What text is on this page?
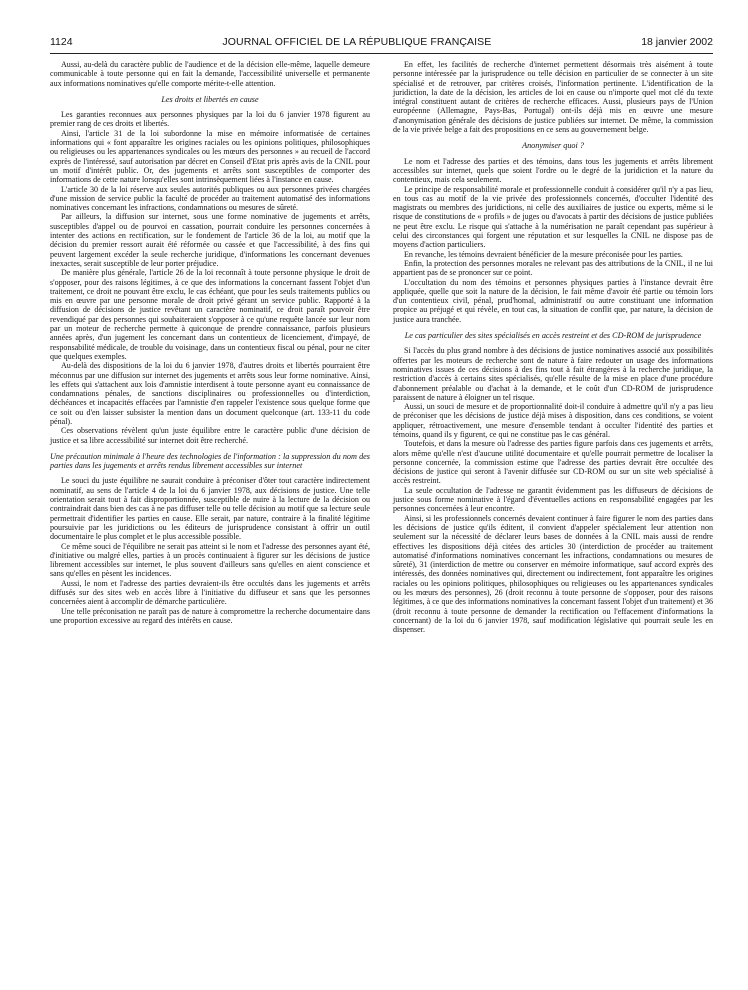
1124	JOURNAL OFFICIEL DE LA RÉPUBLIQUE FRANÇAISE	18 janvier 2002

Aussi, au-delà du caractère public de l'audience et de la décision elle-même, laquelle demeure communicable à toute personne qui en fait la demande, l'accessibilité universelle et permanente aux informations nominatives qu'elle comporte mérite-t-elle attention.

Les droits et libertés en cause

Les garanties reconnues aux personnes physiques par la loi du 6 janvier 1978 figurent au premier rang de ces droits et libertés.

Ainsi, l'article 31 de la loi subordonne la mise en mémoire informatisée de certaines informations qui « font apparaître les origines raciales ou les opinions politiques, philosophiques ou religieuses ou les appartenances syndicales ou les mœurs des personnes » au recueil de l'accord exprès de l'intéressé, sauf autorisation par décret en Conseil d'Etat pris après avis de la CNIL pour un motif d'intérêt public. Or, des jugements et arrêts sont susceptibles de comporter des informations de cette nature lorsqu'elles sont intrinsèquement liées à l'instance en cause.

L'article 30 de la loi réserve aux seules autorités publiques ou aux personnes privées chargées d'une mission de service public la faculté de procéder au traitement automatisé des informations nominatives concernant les infractions, condamnations ou mesures de sûreté.

Par ailleurs, la diffusion sur internet, sous une forme nominative de jugements et arrêts, susceptibles d'appel ou de pourvoi en cassation, pourrait conduire les personnes concernées à intenter des actions en rectification, sur le fondement de l'article 36 de la loi, au motif que la décision du premier ressort aurait été réformée ou cassée et que l'accessibilité, à des fins qui peuvent largement excéder la seule recherche juridique, d'informations les concernant devenues inexactes, serait susceptible de leur porter préjudice.

De manière plus générale, l'article 26 de la loi reconnaît à toute personne physique le droit de s'opposer, pour des raisons légitimes, à ce que des informations la concernant fassent l'objet d'un traitement, ce droit ne pouvant être exclu, le cas échéant, que pour les seuls traitements publics ou mis en œuvre par une personne morale de droit privé gérant un service public. Rapporté à la diffusion de décisions de justice revêtant un caractère nominatif, ce droit paraît pouvoir être revendiqué par des personnes qui souhaiteraient s'opposer à ce qu'une requête lancée sur leur nom par un moteur de recherche permette à quiconque de prendre connaissance, parfois plusieurs années après, d'un jugement les concernant dans un contentieux de licenciement, d'impayé, de responsabilité médicale, de trouble du voisinage, dans un contentieux fiscal ou pénal, pour ne citer que quelques exemples.

Au-delà des dispositions de la loi du 6 janvier 1978, d'autres droits et libertés pourraient être méconnus par une diffusion sur internet des jugements et arrêts sous leur forme nominative. Ainsi, les effets qui s'attachent aux lois d'amnistie interdisent à toute personne ayant eu connaissance de condamnations pénales, de sanctions disciplinaires ou professionnelles ou d'interdiction, déchéances et incapacités effacées par l'amnistie d'en rappeler l'existence sous quelque forme que ce soit ou d'en laisser subsister la mention dans un document quelconque (art. 133-11 du code pénal).

Ces observations révèlent qu'un juste équilibre entre le caractère public d'une décision de justice et sa libre accessibilité sur internet doit être recherché.

Une précaution minimale à l'heure des technologies de l'information : la suppression du nom des parties dans les jugements et arrêts rendus librement accessibles sur internet

Le souci du juste équilibre ne saurait conduire à préconiser d'ôter tout caractère indirectement nominatif, au sens de l'article 4 de la loi du 6 janvier 1978, aux décisions de justice. Une telle orientation serait tout à fait disproportionnée, susceptible de nuire à la lecture de la décision ou contraindrait dans bien des cas à ne pas diffuser telle ou telle décision au motif que sa lecture seule permettrait d'identifier les parties en cause. Elle serait, par nature, contraire à la finalité légitime poursuivie par les juridictions ou les éditeurs de jurisprudence consistant à offrir un outil documentaire le plus complet et le plus accessible possible.

Ce même souci de l'équilibre ne serait pas atteint si le nom et l'adresse des personnes ayant été, d'initiative ou malgré elles, parties à un procès continuaient à figurer sur les décisions de justice librement accessibles sur internet, le plus souvent d'ailleurs sans qu'elles en aient conscience et sans qu'elles en pèsent les incidences.

Aussi, le nom et l'adresse des parties devraient-ils être occultés dans les jugements et arrêts diffusés sur des sites web en accès libre à l'initiative du diffuseur et sans que les personnes concernées aient à accomplir de démarche particulière.

Une telle préconisation ne paraît pas de nature à compromettre la recherche documentaire dans une proportion excessive au regard des intérêts en cause.

En effet, les facilités de recherche d'internet permettent désormais très aisément à toute personne intéressée par la jurisprudence ou telle décision en particulier de se connecter à un site spécialisé et de retrouver, par critères croisés, l'information pertinente. L'identification de la juridiction, la date de la décision, les articles de loi en cause ou n'importe quel mot clé du texte intégral constituent autant de critères de recherche efficaces. Aussi, plusieurs pays de l'Union européenne (Allemagne, Pays-Bas, Portugal) ont-ils déjà mis en œuvre une mesure d'anonymisation générale des décisions de justice publiées sur internet. De même, la commission de la vie privée belge a fait des propositions en ce sens au gouvernement belge.

Anonymiser quoi ?

Le nom et l'adresse des parties et des témoins, dans tous les jugements et arrêts librement accessibles sur internet, quels que soient l'ordre ou le degré de la juridiction et la nature du contentieux, mais cela seulement.

Le principe de responsabilité morale et professionnelle conduit à considérer qu'il n'y a pas lieu, en tous cas au motif de la vie privée des professionnels concernés, d'occulter l'identité des magistrats ou membres des juridictions, ni celle des auxiliaires de justice ou experts, même si le risque de constitutions de « profils » de juges ou d'avocats à partir des décisions de justice publiées ne peut être exclu. Le risque qui s'attache à la numérisation ne paraît cependant pas supérieur à celui des circonstances qui forgent une réputation et sur lesquelles la CNIL ne dispose pas de moyens d'action particuliers.

En revanche, les témoins devraient bénéficier de la mesure préconisée pour les parties.

Enfin, la protection des personnes morales ne relevant pas des attributions de la CNIL, il ne lui appartient pas de se prononcer sur ce point.

L'occultation du nom des témoins et personnes physiques parties à l'instance devrait être appliquée, quelle que soit la nature de la décision, le fait même d'avoir été partie ou témoin lors d'un contentieux civil, pénal, prud'homal, administratif ou autre constituant une information propice au préjugé et qui révèle, en tout cas, la situation de conflit que, par nature, la décision de justice aura tranchée.

Le cas particulier des sites spécialisés en accès restreint et des CD-ROM de jurisprudence

Si l'accès du plus grand nombre à des décisions de justice nominatives associé aux possibilités offertes par les moteurs de recherche sont de nature à faire redouter un usage des informations nominatives issues de ces décisions à des fins tout à fait étrangères à la recherche juridique, la restriction d'accès à certains sites spécialisés, qu'elle résulte de la mise en place d'une procédure d'abonnement préalable ou d'achat à la demande, et le coût d'un CD-ROM de jurisprudence paraissent de nature à éloigner un tel risque.

Aussi, un souci de mesure et de proportionnalité doit-il conduire à admettre qu'il n'y a pas lieu de préconiser que les décisions de justice déjà mises à disposition, dans ces conditions, se voient appliquer, rétroactivement, une mesure d'ensemble tendant à occulter l'identité des parties et témoins, quand ils y figurent, ce qui ne constitue pas le cas général.

Toutefois, et dans la mesure où l'adresse des parties figure parfois dans ces jugements et arrêts, alors même qu'elle n'est d'aucune utilité documentaire et qu'elle pourrait permettre de localiser la personne concernée, la commission estime que l'adresse des parties devrait être occultée des décisions de justice qui seront à l'avenir diffusée sur CD-ROM ou sur un site web spécialisé à accès restreint.

La seule occultation de l'adresse ne garantit évidemment pas les diffuseurs de décisions de justice sous forme nominative à l'égard d'éventuelles actions en responsabilité engagées par les personnes concernées à leur encontre.

Ainsi, si les professionnels concernés devaient continuer à faire figurer le nom des parties dans les décisions de justice qu'ils éditent, il convient d'appeler spécialement leur attention non seulement sur la nécessité de déclarer leurs bases de données à la CNIL mais aussi de rendre effectives les dispositions déjà citées des articles 30 (interdiction de procéder au traitement automatisé d'informations nominatives concernant les infractions, condamnations ou mesures de sûreté), 31 (interdiction de mettre ou conserver en mémoire informatique, sauf accord exprès des intéressés, des données nominatives qui, directement ou indirectement, font apparaître les origines raciales ou les opinions politiques, philosophiques ou religieuses ou les appartenances syndicales ou les mœurs des personnes), 26 (droit reconnu à toute personne de s'opposer, pour des raisons légitimes, à ce que des informations nominatives la concernant fassent l'objet d'un traitement) et 36 (droit reconnu à toute personne de demander la rectification ou l'effacement d'informations la concernant) de la loi du 6 janvier 1978, sauf modification législative qui pourrait seule les en dispenser.
